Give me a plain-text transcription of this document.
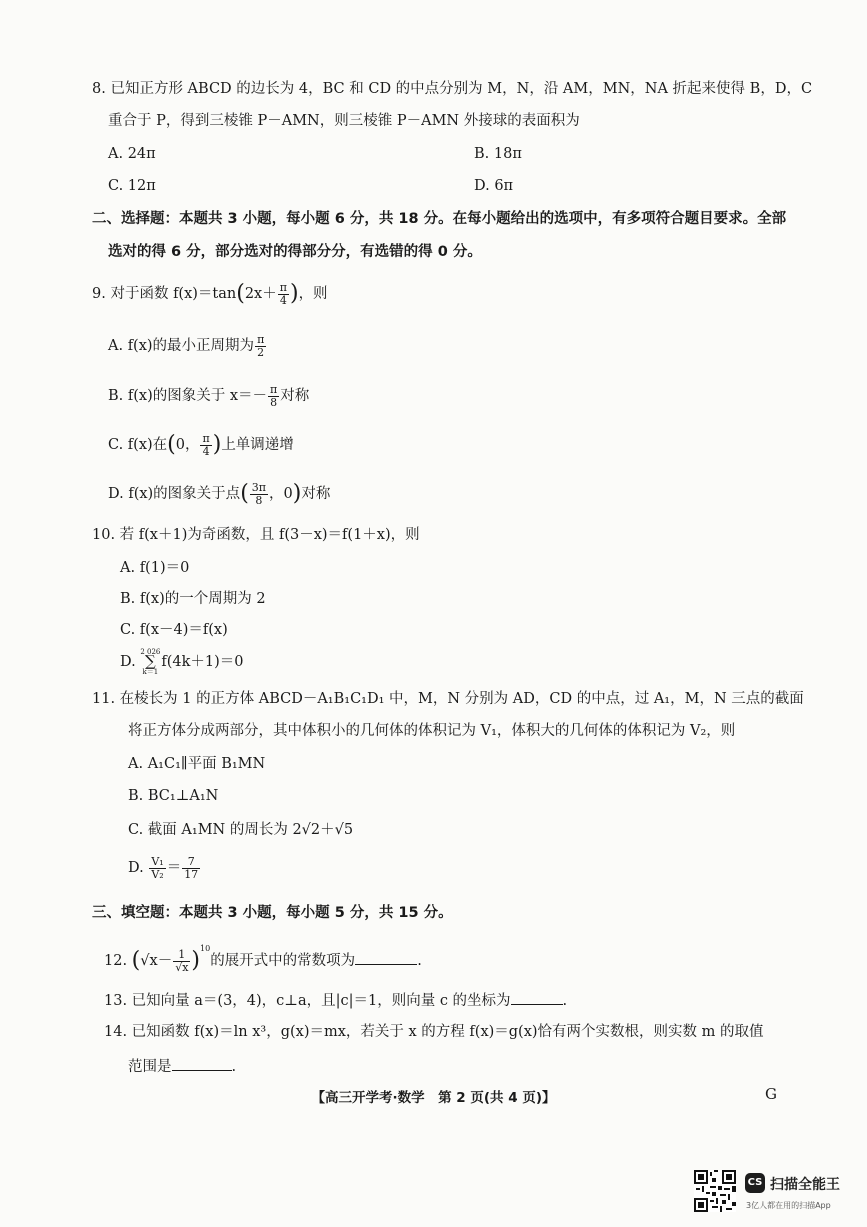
8. 已知正方形 ABCD 的边长为 4，BC 和 CD 的中点分别为 M，N，沿 AM，MN，NA 折起来使得 B，D，C
重合于 P，得到三棱锥 P－AMN，则三棱锥 P－AMN 外接球的表面积为
A. 24π	B. 18π
C. 12π	D. 6π
二、选择题：本题共 3 小题，每小题 6 分，共 18 分。在每小题给出的选项中，有多项符合题目要求。全部
选对的得 6 分，部分选对的得部分分，有选错的得 0 分。
9. 对于函数 $f(x)=\tan(2x+ \frac{\pi}{4}$ )，则
A. f(x)的最小正周期为 $\frac{\pi}{2}$
B. f(x)的图象关于 $x=- \frac{\pi}{8}$ 对称
C. f(x)在(0， $\frac{\pi}{4}$ )上单调递增
D. f(x)的图象关于点( $\frac{3\pi}{8}$ ，0)对称
10. 若 f(x＋1)为奇函数，且 f(3－x)＝f(1＋x)，则
A. f(1)＝0
B. f(x)的一个周期为 2
C. f(x－4)＝f(x)
D.
2 026
∑
k＝1
f(4k＋1)＝0
11. 在棱长为 1 的正方体 ABCD－A₁B₁C₁D₁ 中，M，N 分别为 AD，CD 的中点，过 A₁，M，N 三点的截面
将正方体分成两部分，其中体积小的几何体的体积记为 V₁，体积大的几何体的体积记为 V₂，则
A. A₁C₁∥平面 B₁MN
B. BC₁⊥A₁N
C. 截面 A₁MN 的周长为 2√2＋√5
D. $\frac{\text{V₁}}{\text{V₂}} = \frac{7}{17}$
三、填空题：本题共 3 小题，每小题 5 分，共 15 分。
12. $(√x- \frac{1}{√x} )^{10}$的展开式中的常数项为	.
13. 已知向量 a＝(3，4)，c⊥a，且|c|＝1，则向量 c 的坐标为	.
14. 已知函数 f(x)＝ln x³，g(x)＝mx，若关于 x 的方程 f(x)＝g(x)恰有两个实数根，则实数 m 的取值
范围是	.
【高三开学考·数学　第 2 页(共 4 页)】	G
CS 扫描全能王
3亿人都在用的扫描App
